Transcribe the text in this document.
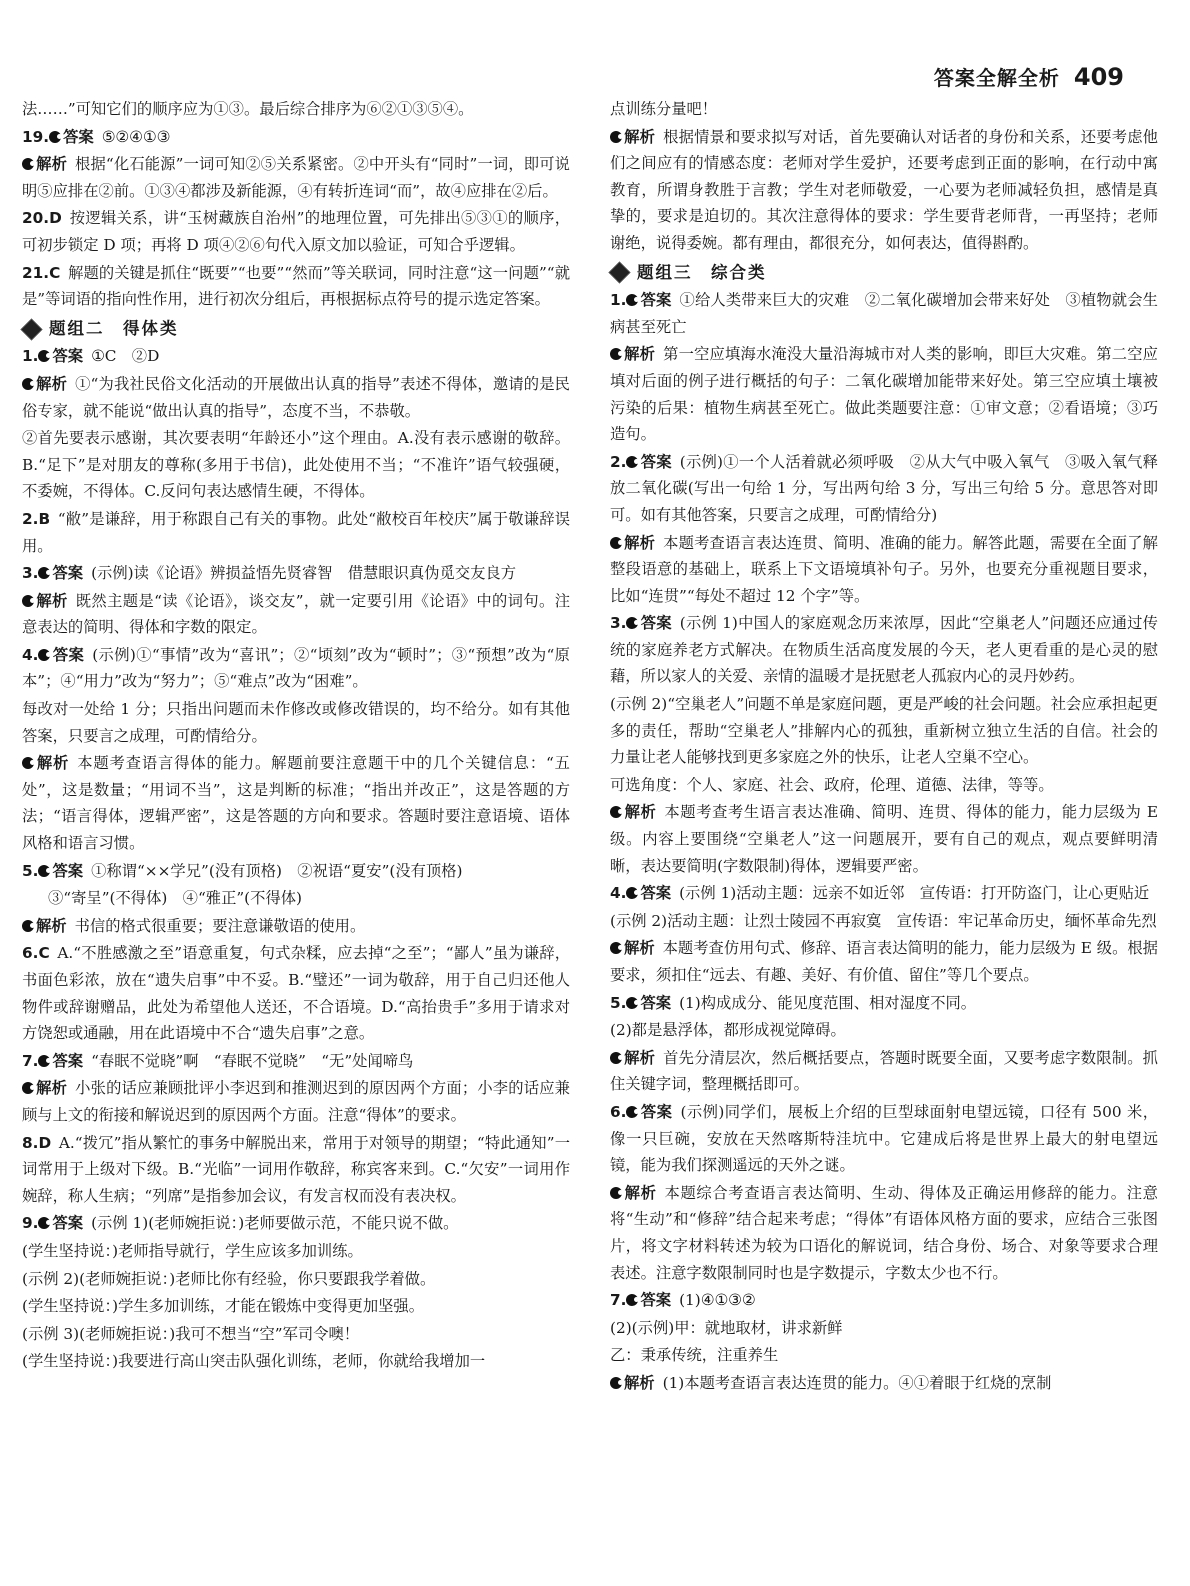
答案全解全析 409

法……”可知它们的顺序应为①③。最后综合排序为⑥②①③⑤④。

19. 答案 ⑤②④①③

解析 根据“化石能源”一词可知②⑤关系紧密。②中开头有“同时”一词，即可说明⑤应排在②前。①③④都涉及新能源，④有转折连词“而”，故④应排在②后。

20.D  按逻辑关系，讲“玉树藏族自治州”的地理位置，可先排出⑤③①的顺序，可初步锁定 D 项；再将 D 项④②⑥句代入原文加以验证，可知合乎逻辑。

21.C  解题的关键是抓住“既要”“也要”“然而”等关联词，同时注意“这一问题”“就是”等词语的指向性作用，进行初次分组后，再根据标点符号的提示选定答案。

题组二　得体类

1. 答案 ①C　②D

解析 ①“为我社民俗文化活动的开展做出认真的指导”表述不得体，邀请的是民俗专家，就不能说“做出认真的指导”，态度不当，不恭敬。

②首先要表示感谢，其次要表明“年龄还小”这个理由。A.没有表示感谢的敬辞。B.“足下”是对朋友的尊称(多用于书信)，此处使用不当；“不准许”语气较强硬，不委婉，不得体。C.反问句表达感情生硬，不得体。

2.B  “敝”是谦辞，用于称跟自己有关的事物。此处“敝校百年校庆”属于敬谦辞误用。

3. 答案 (示例)读《论语》辨损益悟先贤睿智　借慧眼识真伪觅交友良方

解析 既然主题是“读《论语》，谈交友”，就一定要引用《论语》中的词句。注意表达的简明、得体和字数的限定。

4. 答案 (示例)①“事情”改为“喜讯”；②“顷刻”改为“顿时”；③“预想”改为“原本”；④“用力”改为“努力”；⑤“难点”改为“困难”。

每改对一处给 1 分；只指出问题而未作修改或修改错误的，均不给分。如有其他答案，只要言之成理，可酌情给分。

解析 本题考查语言得体的能力。解题前要注意题干中的几个关键信息：“五处”，这是数量；“用词不当”，这是判断的标准；“指出并改正”，这是答题的方法；“语言得体，逻辑严密”，这是答题的方向和要求。答题时要注意语境、语体风格和语言习惯。

5. 答案 ①称谓“××学兄”(没有顶格)　②祝语“夏安”(没有顶格)

③“寄呈”(不得体)　④“雅正”(不得体)

解析 书信的格式很重要；要注意谦敬语的使用。

6.C  A.“不胜感激之至”语意重复，句式杂糅，应去掉“之至”；“鄙人”虽为谦辞，书面色彩浓，放在“遗失启事”中不妥。B.“璧还”一词为敬辞，用于自己归还他人物件或辞谢赠品，此处为希望他人送还，不合语境。D.“高抬贵手”多用于请求对方饶恕或通融，用在此语境中不合“遗失启事”之意。

7. 答案 “春眠不觉晓”啊　“春眠不觉晓”　“无”处闻啼鸟

解析 小张的话应兼顾批评小李迟到和推测迟到的原因两个方面；小李的话应兼顾与上文的衔接和解说迟到的原因两个方面。注意“得体”的要求。

8.D  A.“拨冗”指从繁忙的事务中解脱出来，常用于对领导的期望；“特此通知”一词常用于上级对下级。B.“光临”一词用作敬辞，称宾客来到。C.“欠安”一词用作婉辞，称人生病；“列席”是指参加会议，有发言权而没有表决权。

9. 答案 (示例 1)(老师婉拒说：)老师要做示范，不能只说不做。

(学生坚持说：)老师指导就行，学生应该多加训练。

(示例 2)(老师婉拒说：)老师比你有经验，你只要跟我学着做。

(学生坚持说：)学生多加训练，才能在锻炼中变得更加坚强。

(示例 3)(老师婉拒说：)我可不想当“空”军司令噢！

(学生坚持说：)我要进行高山突击队强化训练，老师，你就给我增加一

点训练分量吧！

解析 根据情景和要求拟写对话，首先要确认对话者的身份和关系，还要考虑他们之间应有的情感态度：老师对学生爱护，还要考虑到正面的影响，在行动中寓教育，所谓身教胜于言教；学生对老师敬爱，一心要为老师减轻负担，感情是真挚的，要求是迫切的。其次注意得体的要求：学生要背老师背，一再坚持；老师谢绝，说得委婉。都有理由，都很充分，如何表达，值得斟酌。

题组三　综合类

1. 答案 ①给人类带来巨大的灾难　②二氧化碳增加会带来好处　③植物就会生病甚至死亡

解析 第一空应填海水淹没大量沿海城市对人类的影响，即巨大灾难。第二空应填对后面的例子进行概括的句子：二氧化碳增加能带来好处。第三空应填土壤被污染的后果：植物生病甚至死亡。做此类题要注意：①审文意；②看语境；③巧造句。

2. 答案 (示例)①一个人活着就必须呼吸　②从大气中吸入氧气　③吸入氧气释放二氧化碳(写出一句给 1 分，写出两句给 3 分，写出三句给 5 分。意思答对即可。如有其他答案，只要言之成理，可酌情给分)

解析 本题考查语言表达连贯、简明、准确的能力。解答此题，需要在全面了解整段语意的基础上，联系上下文语境填补句子。另外，也要充分重视题目要求，比如“连贯”“每处不超过 12 个字”等。

3. 答案 (示例 1)中国人的家庭观念历来浓厚，因此“空巢老人”问题还应通过传统的家庭养老方式解决。在物质生活高度发展的今天，老人更看重的是心灵的慰藉，所以家人的关爱、亲情的温暖才是抚慰老人孤寂内心的灵丹妙药。

(示例 2)“空巢老人”问题不单是家庭问题，更是严峻的社会问题。社会应承担起更多的责任，帮助“空巢老人”排解内心的孤独，重新树立独立生活的自信。社会的力量让老人能够找到更多家庭之外的快乐，让老人空巢不空心。

可选角度：个人、家庭、社会、政府，伦理、道德、法律，等等。

解析 本题考查考生语言表达准确、简明、连贯、得体的能力，能力层级为 E 级。内容上要围绕“空巢老人”这一问题展开，要有自己的观点，观点要鲜明清晰，表达要简明(字数限制)得体，逻辑要严密。

4. 答案 (示例 1)活动主题：远亲不如近邻　宣传语：打开防盗门，让心更贴近

(示例 2)活动主题：让烈士陵园不再寂寞　宣传语：牢记革命历史，缅怀革命先烈

解析 本题考查仿用句式、修辞、语言表达简明的能力，能力层级为 E 级。根据要求，须扣住“远去、有趣、美好、有价值、留住”等几个要点。

5. 答案 (1)构成成分、能见度范围、相对湿度不同。

(2)都是悬浮体，都形成视觉障碍。

解析 首先分清层次，然后概括要点，答题时既要全面，又要考虑字数限制。抓住关键字词，整理概括即可。

6. 答案 (示例)同学们，展板上介绍的巨型球面射电望远镜，口径有 500 米，像一只巨碗，安放在天然喀斯特洼坑中。它建成后将是世界上最大的射电望远镜，能为我们探测遥远的天外之谜。

解析 本题综合考查语言表达简明、生动、得体及正确运用修辞的能力。注意将“生动”和“修辞”结合起来考虑；“得体”有语体风格方面的要求，应结合三张图片，将文字材料转述为较为口语化的解说词，结合身份、场合、对象等要求合理表述。注意字数限制同时也是字数提示，字数太少也不行。

7. 答案 (1)④①③②

(2)(示例)甲：就地取材，讲求新鲜

乙：秉承传统，注重养生

解析 (1)本题考查语言表达连贯的能力。④①着眼于红烧的烹制
